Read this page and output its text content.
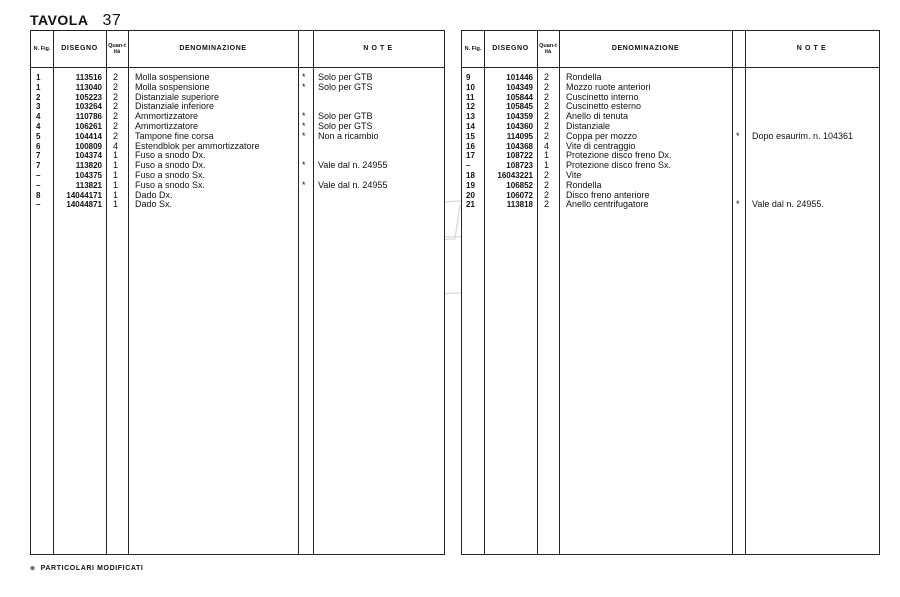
TAVOLA 37
N. Fig.	DISEGNO	Quan-tità	DENOMINAZIONE	N O T E
1	113516 2 Molla sospensione	* Solo per GTB
1	113040 2 Molla sospensione	* Solo per GTS
2	105223 2 Distanziale superiore
3	103264 2 Distanziale inferiore
4	110786 2 Ammortizzatore	* Solo per GTB
4	106261 2 Ammortizzatore	* Solo per GTS
5	104414 2 Tampone fine corsa	* Non a ricambio
6	100809 4 Estendblok per ammortizzatore
7	104374 1 Fuso a snodo Dx.
7	113820 1 Fuso a snodo Dx.	* Vale dal n. 24955
–	104375 1 Fuso a snodo Sx.
–	113821 1 Fuso a snodo Sx.	* Vale dal n. 24955
8	14044171 1 Dado Dx.
–	14044871 1 Dado Sx.
N. Fig.	DISEGNO	Quan-tità	DENOMINAZIONE	N O T E
9	101446 2 Rondella
10	104349 2 Mozzo ruote anteriori
11	105844 2 Cuscinetto interno
12	105845 2 Cuscinetto esterno
13	104359 2 Anello di tenuta
14	104360 2 Distanziale
15	114095 2 Coppa per mozzo	* Dopo esaurim. n. 104361
16	104368 4 Vite di centraggio
17	108722 1 Protezione disco freno Dx.
–	108723 1 Protezione disco freno Sx.
18	16043221 2 Vite
19	106852 2 Rondella
20	106072 2 Disco freno anteriore
21	113818 2 Anello centrifugatore	* Vale dal n. 24955.
⊗ PARTICOLARI MODIFICATI
